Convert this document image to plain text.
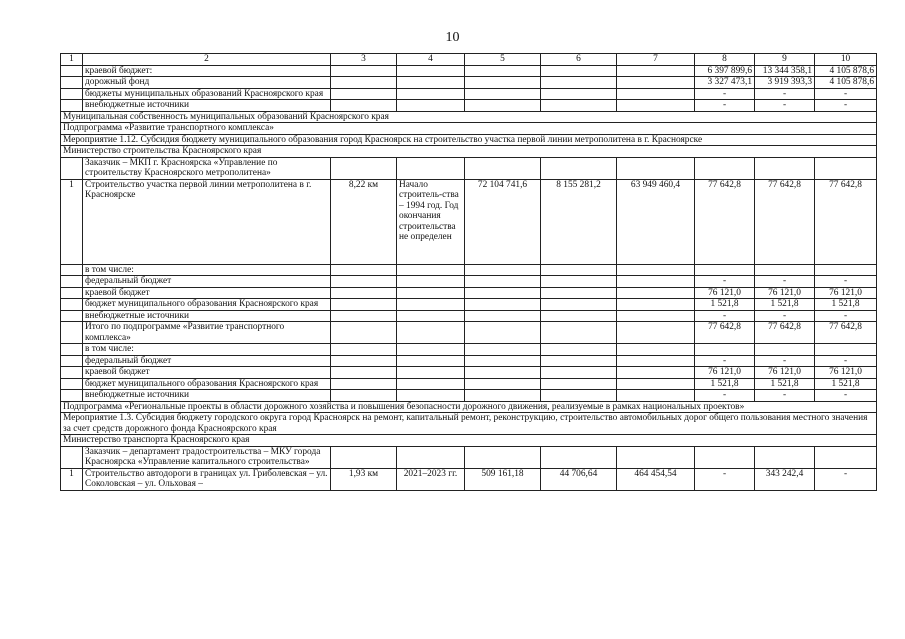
10
1	2	3	4	5	6	7	8	9	10
	краевой бюджет:						6 397 899,6	13 344 358,1	4 105 878,6
	дорожный фонд						3 327 473,1	3 919 393,3	4 105 878,6
	бюджеты муниципальных образований Красноярского края						-	-	-
	внебюджетные источники						-	-	-
Муниципальная собственность муниципальных образований Красноярского края									
Подпрограмма «Развитие транспортного комплекса»									
Мероприятие 1.12. Субсидия бюджету муниципального образования город Красноярск на строительство участка первой линии метрополитена в г. Красноярске									
Министерство строительства Красноярского края									
	Заказчик – МКП г. Красноярска «Управление по строительству Красноярского метрополитена»								
1	Строительство участка первой линии метрополитена в г. Красноярске	8,22 км	Начало строитель-ства – 1994 год. Год окончания строительства не определен	72 104 741,6	8 155 281,2	63 949 460,4	77 642,8	77 642,8	77 642,8
	в том числе:								
	федеральный бюджет						-	-	-
	краевой бюджет						76 121,0	76 121,0	76 121,0
	бюджет муниципального образования Красноярского края						1 521,8	1 521,8	1 521,8
	внебюджетные источники						-	-	-
	Итого по подпрограмме «Развитие транспортного комплекса»						77 642,8	77 642,8	77 642,8
	в том числе:								
	федеральный бюджет						-	-	-
	краевой бюджет						76 121,0	76 121,0	76 121,0
	бюджет муниципального образования Красноярского края						1 521,8	1 521,8	1 521,8
	внебюджетные источники						-	-	-
Подпрограмма «Региональные проекты в области дорожного хозяйства и повышения безопасности дорожного движения, реализуемые в рамках национальных проектов»									
Мероприятие 1.3. Субсидия бюджету городского округа город Красноярск на ремонт, капитальный ремонт, реконструкцию, строительство автомобильных дорог общего пользования местного значения за счет средств дорожного фонда Красноярского края									
Министерство транспорта Красноярского края									
	Заказчик – департамент градостроительства – МКУ города Красноярска «Управление капитального строительства»								
1	Строительство автодороги в границах ул. Гриболевская – ул. Соколовская – ул. Ольховая –	1,93 км	2021–2023 гг.	509 161,18	44 706,64	464 454,54	-	343 242,4	-
